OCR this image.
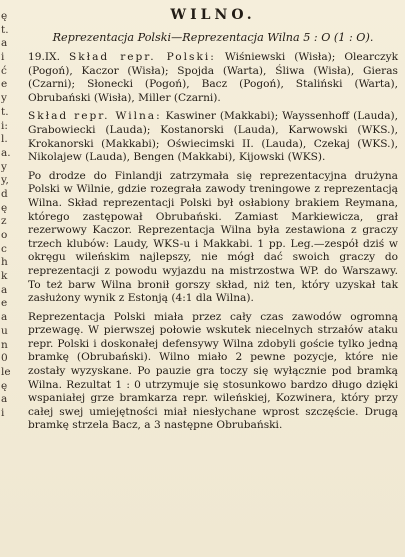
ę
t.
a
i
ć
e
y
t.
i:
l.
a.
y
y,
d
ę
z
o
c
h
k
a
e
a
u
n
0
le
ę
a
i
WILNO.
Reprezentacja Polski—Reprezentacja Wilna 5 : O (1 : O).

19.IX. Skład repr. Polski: Wiśniewski (Wisła); Olearczyk (Pogoń), Kaczor (Wisła); Spojda (Warta), Śliwa (Wisła), Gieras (Czarni); Słonecki (Pogoń), Bacz (Pogoń), Staliński (Warta), Obrubański (Wisła), Miller (Czarni).

Skład repr. Wilna: Kaswiner (Makkabi); Wayssenhoff (Lauda), Grabowiecki (Lauda); Kostanorski (Lauda), Karwowski (WKS.), Krokanorski (Makkabi); Oświecimski II. (Lauda), Czekaj (WKS.), Nikolajew (Lauda), Bengen (Makkabi), Kijowski (WKS).

Po drodze do Finlandji zatrzymała się reprezentacyjna drużyna Polski w Wilnie, gdzie rozegrała zawody treningowe z reprezentacją Wilna. Skład reprezentacji Polski był osłabiony brakiem Reymana, którego zastępował Obrubański. Zamiast Markiewicza, grał rezerwowy Kaczor. Reprezentacja Wilna była zestawiona z graczy trzech klubów: Laudy, WKS-u i Makkabi. 1 pp. Leg.—zespół dziś w okręgu wileńskim najlepszy, nie mógł dać swoich graczy do reprezentacji z powodu wyjazdu na mistrzostwa WP. do Warszawy. To też barw Wilna bronił gorszy skład, niż ten, który uzyskał tak zasłużony wynik z Estonją (4:1 dla Wilna).

Reprezentacja Polski miała przez cały czas zawodów ogromną przewagę. W pierwszej połowie wskutek niecelnych strzałów ataku repr. Polski i doskonałej defensywy Wilna zdobyli goście tylko jedną bramkę (Obrubański). Wilno miało 2 pewne pozycje, które nie zostały wyzyskane. Po pauzie gra toczy się wyłącznie pod bramką Wilna. Rezultat 1 : 0 utrzymuje się stosunkowo bardzo długo dzięki wspaniałej grze bramkarza repr. wileńskiej, Kozwinera, który przy całej swej umiejętności miał niesłychane wprost szczęście. Drugą bramkę strzela Bacz, a 3 następne Obrubański.
